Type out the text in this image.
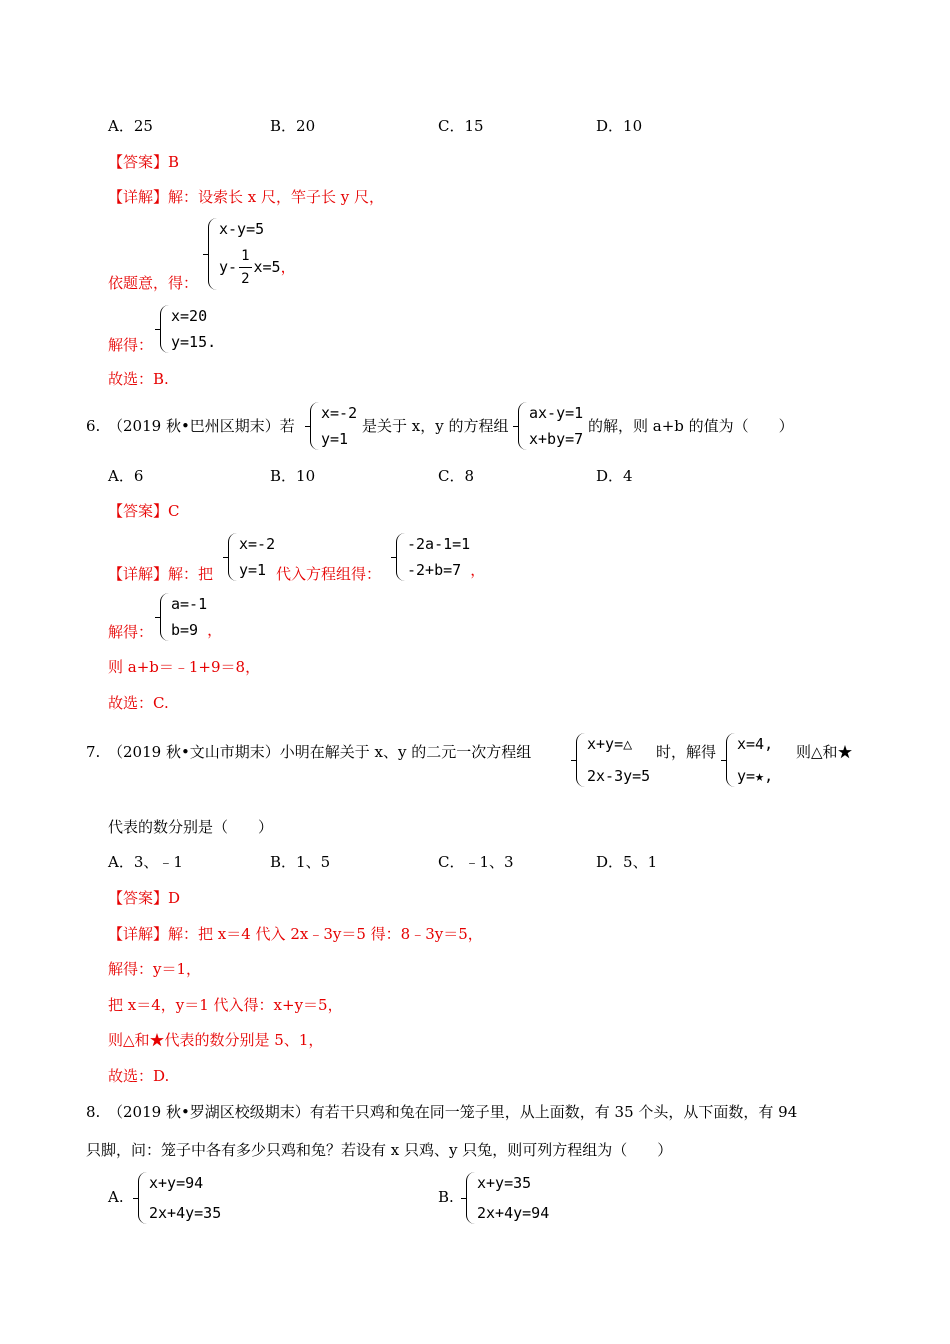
A．25	B．20	C．15	D．10
【答案】B
【详解】解：设索长 x 尺，竿子长 y 尺，
依题意，得：
x-y=5
$y- \frac{1}{2} x=5$，
解得：
x=20
y=15.
故选：B.
6. （2019 秋•巴州区期末）若
x=-2
y=1
是关于 x，y 的方程组
ax-y=1
x+by=7
的解，则 a+b 的值为（　　）
A．6	B．10	C．8	D．4
【答案】C
【详解】解：把
x=-2
y=1 代入方程组得：
-2a-1=1
-2+b=7 ，
解得：
a=-1
b=9 ，
则 a+b＝﹣1+9＝8，
故选：C.
7. （2019 秋•文山市期末）小明在解关于 x、y 的二元一次方程组	x+y=△
2x-3y=5
时，解得 x=4,
y=★,
则△和★
代表的数分别是（　　）
A．3、﹣1	B．1、5	C．﹣1、3	D．5、1
【答案】D
【详解】解：把 x＝4 代入 2x﹣3y＝5 得：8﹣3y＝5，
解得：y＝1，
把 x＝4，y＝1 代入得：x+y＝5，
则△和★代表的数分别是 5、1，
故选：D.
8. （2019 秋•罗湖区校级期末）有若干只鸡和兔在同一笼子里，从上面数，有 35 个头，从下面数，有 94
只脚，问：笼子中各有多少只鸡和兔？若设有 x 只鸡、y 只兔，则可列方程组为（　　）
A.
x+y=94
2x+4y=35
B.
x+y=35
2x+4y=94
